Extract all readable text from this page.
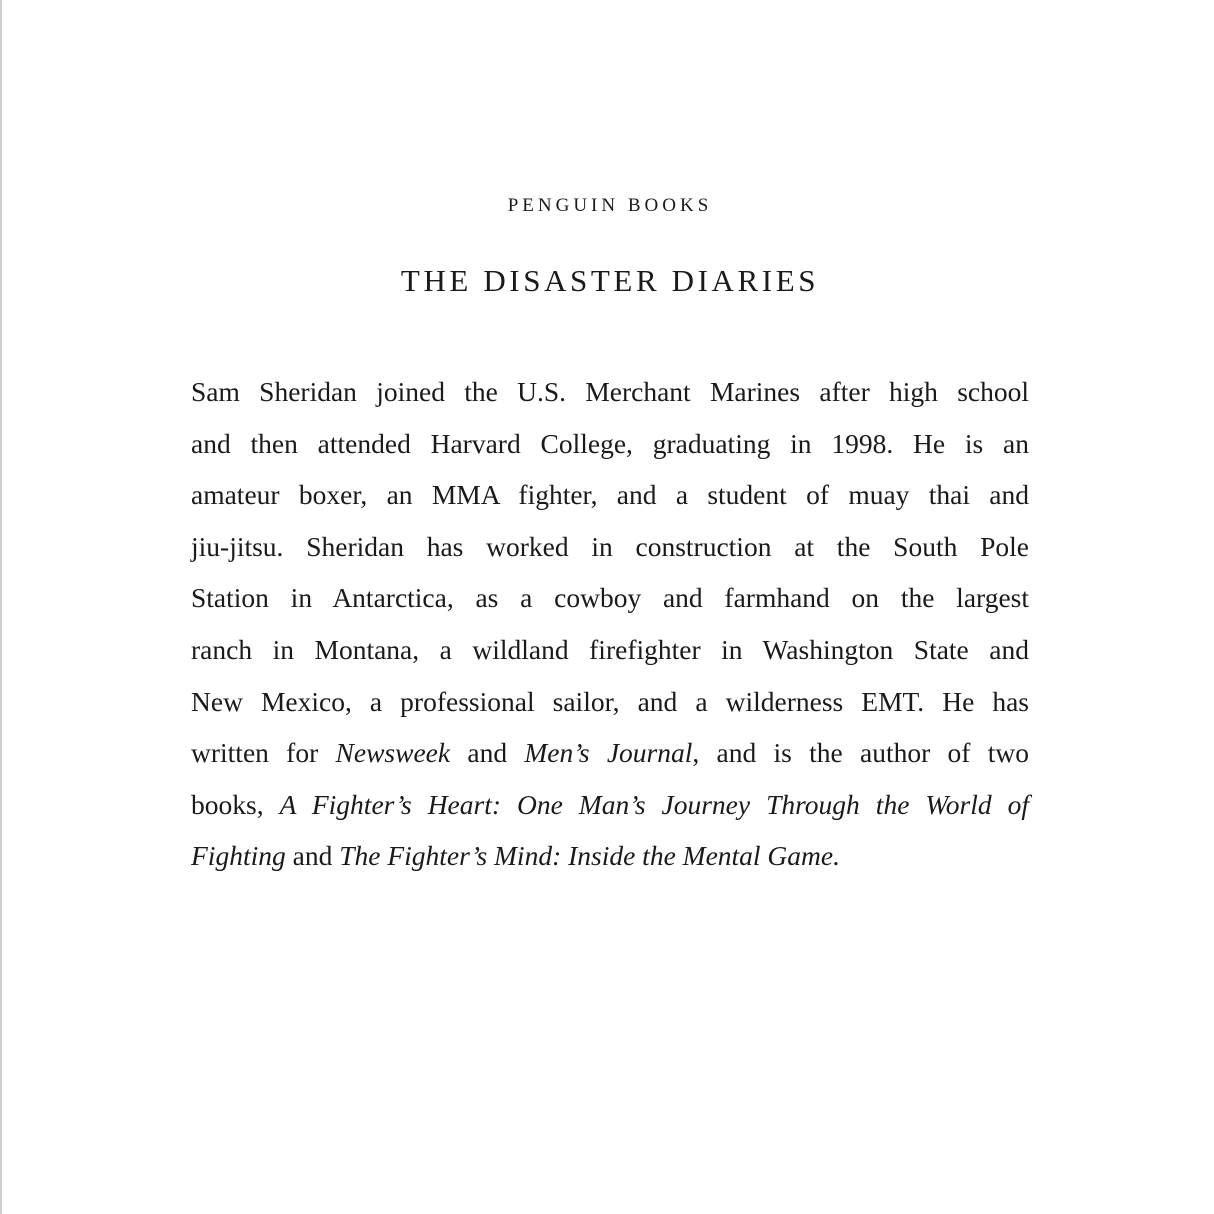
PENGUIN BOOKS
THE DISASTER DIARIES
Sam Sheridan joined the U.S. Merchant Marines after high school
and then attended Harvard College, graduating in 1998. He is an
amateur boxer, an MMA fighter, and a student of muay thai and
jiu-jitsu. Sheridan has worked in construction at the South Pole
Station in Antarctica, as a cowboy and farmhand on the largest
ranch in Montana, a wildland firefighter in Washington State and
New Mexico, a professional sailor, and a wilderness EMT. He has
written for Newsweek and Men’s Journal, and is the author of two
books, A Fighter’s Heart: One Man’s Journey Through the World of
Fighting and The Fighter’s Mind: Inside the Mental Game.
